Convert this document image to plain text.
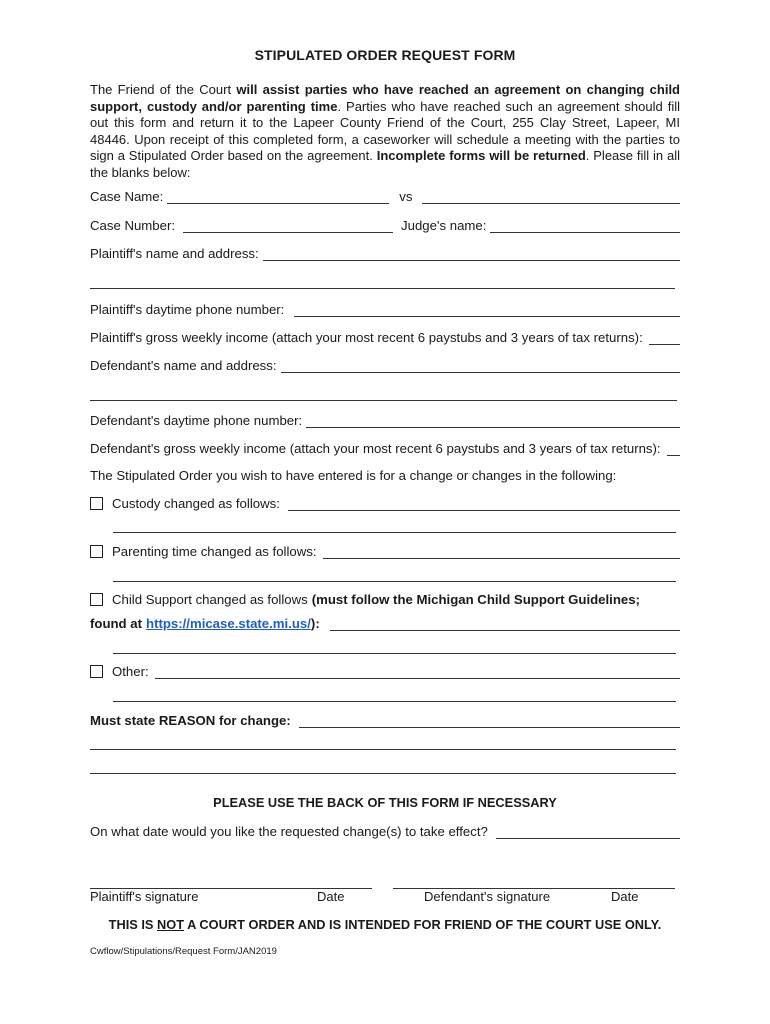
STIPULATED ORDER REQUEST FORM
The Friend of the Court will assist parties who have reached an agreement on changing child support, custody and/or parenting time. Parties who have reached such an agreement should fill out this form and return it to the Lapeer County Friend of the Court, 255 Clay Street, Lapeer, MI 48446. Upon receipt of this completed form, a caseworker will schedule a meeting with the parties to sign a Stipulated Order based on the agreement. Incomplete forms will be returned. Please fill in all the blanks below:
Case Name:	vs
Case Number:	Judge's name:
Plaintiff's name and address:
Plaintiff's daytime phone number:
Plaintiff's gross weekly income (attach your most recent 6 paystubs and 3 years of tax returns):
Defendant's name and address:
Defendant's daytime phone number:
Defendant's gross weekly income (attach your most recent 6 paystubs and 3 years of tax returns):
The Stipulated Order you wish to have entered is for a change or changes in the following:
Custody changed as follows:
Parenting time changed as follows:
Child Support changed as follows (must follow the Michigan Child Support Guidelines;
found at https://micase.state.mi.us/ ):
Other:
Must state REASON for change:
PLEASE USE THE BACK OF THIS FORM IF NECESSARY
On what date would you like the requested change(s) to take effect?
Plaintiff's signature	Date	Defendant's signature	Date
THIS IS NOT A COURT ORDER AND IS INTENDED FOR FRIEND OF THE COURT USE ONLY.
Cwflow/Stipulations/Request Form/JAN2019
